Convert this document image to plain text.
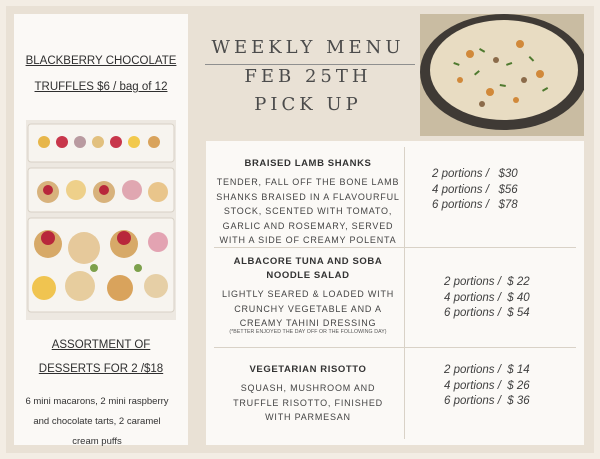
BLACKBERRY CHOCOLATE
TRUFFLES $6 / bag of 12
ASSORTMENT OF
DESSERTS FOR 2 /$18
6 mini macarons, 2 mini raspberry
and chocolate tarts, 2 caramel
cream puffs
WEEKLY MENU
FEB 25TH
PICK UP
BRAISED LAMB SHANKS
TENDER, FALL OFF THE BONE LAMB
SHANKS BRAISED IN A FLAVOURFUL
STOCK, SCENTED WITH TOMATO,
GARLIC AND ROSEMARY, SERVED
WITH A SIDE OF CREAMY POLENTA
2 portions /   $30
4 portions /   $56
6 portions /   $78
ALBACORE TUNA AND SOBA
NOODLE SALAD
LIGHTLY SEARED & LOADED WITH
CRUNCHY VEGETABLE AND A
CREAMY TAHINI DRESSING
(*BETTER ENJOYED THE DAY OFF OR THE FOLLOWING DAY)
2 portions /  $ 22
4 portions /  $ 40
6 portions /  $ 54
VEGETARIAN RISOTTO
SQUASH, MUSHROOM AND
TRUFFLE RISOTTO, FINISHED
WITH PARMESAN
2 portions /  $ 14
4 portions /  $ 26
6 portions /  $ 36
